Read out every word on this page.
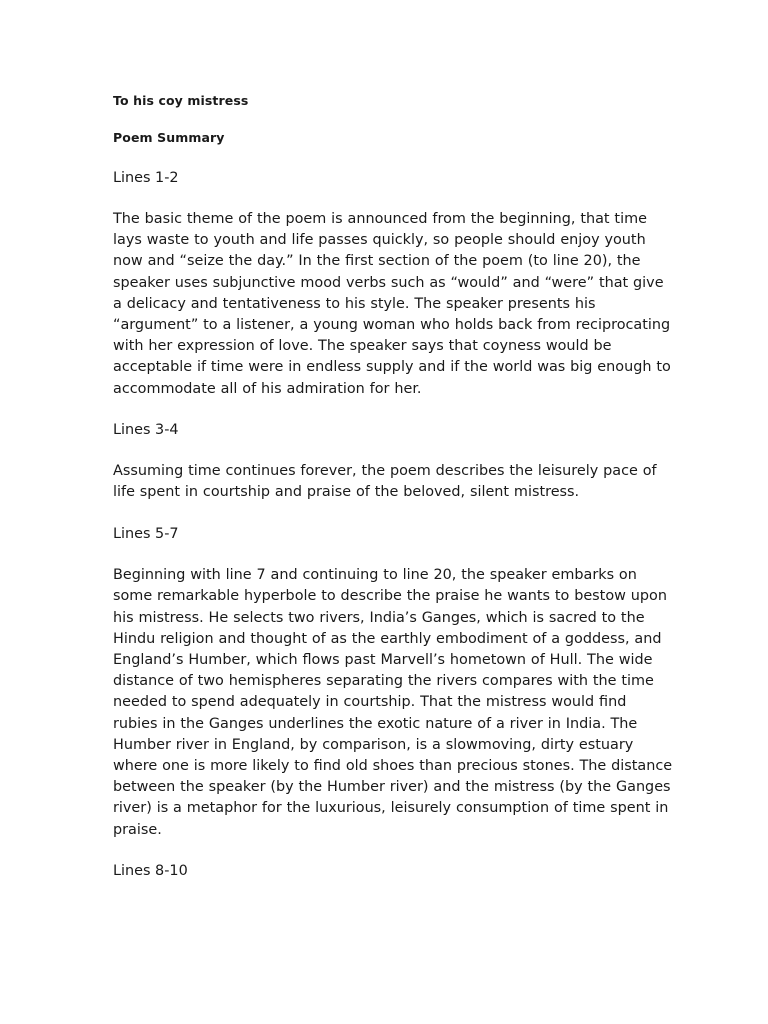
To his coy mistress

Poem Summary

Lines 1-2

The basic theme of the poem is announced from the beginning, that time lays waste to youth and life passes quickly, so people should enjoy youth now and “seize the day.” In the first section of the poem (to line 20), the speaker uses subjunctive mood verbs such as “would” and “were” that give a delicacy and tentativeness to his style. The speaker presents his “argument” to a listener, a young woman who holds back from reciprocating with her expression of love. The speaker says that coyness would be acceptable if time were in endless supply and if the world was big enough to accommodate all of his admiration for her.

Lines 3-4

Assuming time continues forever, the poem describes the leisurely pace of life spent in courtship and praise of the beloved, silent mistress.

Lines 5-7

Beginning with line 7 and continuing to line 20, the speaker embarks on some remarkable hyperbole to describe the praise he wants to bestow upon his mistress. He selects two rivers, India’s Ganges, which is sacred to the Hindu religion and thought of as the earthly embodiment of a goddess, and England’s Humber, which flows past Marvell’s hometown of Hull. The wide distance of two hemispheres separating the rivers compares with the time needed to spend adequately in courtship. That the mistress would find rubies in the Ganges underlines the exotic nature of a river in India. The Humber river in England, by comparison, is a slowmoving, dirty estuary where one is more likely to find old shoes than precious stones. The distance between the speaker (by the Humber river) and the mistress (by the Ganges river) is a metaphor for the luxurious, leisurely consumption of time spent in praise.

Lines 8-10
